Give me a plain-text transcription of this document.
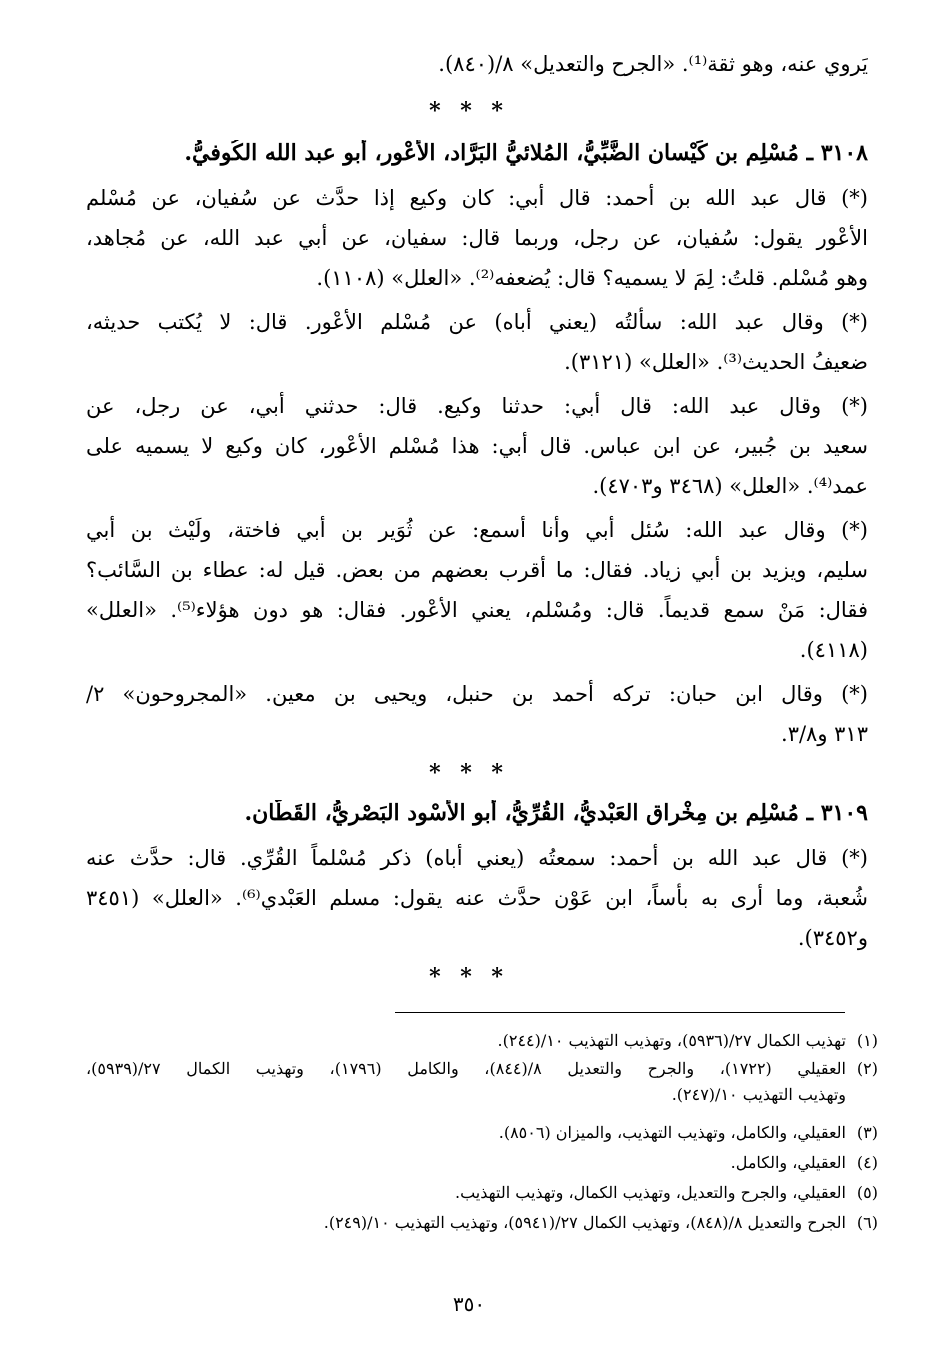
يَروي عنه، وهو ثقة⁽¹⁾. «الجرح والتعديل» ٨/(٨٤٠).
* * *
٣١٠٨ ـ مُسْلِم بن كَيْسان الضَّبِّيُّ، المُلائيُّ البَرَّاد، الأعْور، أبو عبد الله الكُوفيُّ.
(*) قال عبد الله بن أحمد: قال أبي: كان وكيع إذا حدَّث عن سُفيان، عن مُسْلم
الأعْور يقول: سُفيان، عن رجل، وربما قال: سفيان، عن أبي عبد الله، عن مُجاهد،
وهو مُسْلم. قلتُ: لِمَ لا يسميه؟ قال: يُضعفه⁽²⁾. «العلل» (١١٠٨).
(*) وقال عبد الله: سألتُه (يعني أباه) عن مُسْلم الأعْور. قال: لا يُكتب حديثه،
ضعيفُ الحديث⁽³⁾. «العلل» (٣١٢١).
(*) وقال عبد الله: قال أبي: حدثنا وكيع. قال: حدثني أبي، عن رجل، عن
سعيد بن جُبير، عن ابن عباس. قال أبي: هذا مُسْلم الأعْور، كان وكيع لا يسميه على
عمد⁽⁴⁾. «العلل» (٣٤٦٨ و٤٧٠٣).
(*) وقال عبد الله: سُئل أبي وأنا أسمع: عن ثُوَير بن أبي فاختة، ولَيْث بن أبي
سليم، ويزيد بن أبي زياد. فقال: ما أقرب بعضهم من بعض. قيل له: عطاء بن السَّائب؟
فقال: مَنْ سمع قديماً. قال: ومُسْلم، يعني الأعْور. فقال: هو دون هؤلاء⁽⁵⁾. «العلل»
(٤١١٨).
(*) وقال ابن حبان: تركه أحمد بن حنبل، ويحيى بن معين. «المجروحون» ٢/
٣١٣ و٣/٨.
* * *
٣١٠٩ ـ مُسْلِم بن مِخْراق العَبْديُّ، القُرِّيُّ، أبو الأسْود البَصْريُّ، القَطَّان.
(*) قال عبد الله بن أحمد: سمعتُه (يعني أباه) ذكر مُسْلماً القُرِّي. قال: حدَّث عنه
شُعبة، وما أرى به بأساً، ابن عَوْن حدَّث عنه يقول: مسلم العَبْدي⁽⁶⁾. «العلل» (٣٤٥١
و٣٤٥٢).
* * *
(١)
تهذيب الكمال ٢٧/(٥٩٣٦)، وتهذيب التهذيب ١٠/(٢٤٤).
(٢)
العقيلي (١٧٢٢)، والجرح والتعديل ٨/(٨٤٤)، والكامل (١٧٩٦)، وتهذيب الكمال ٢٧/(٥٩٣٩)،
وتهذيب التهذيب ١٠/(٢٤٧).
(٣)
العقيلي، والكامل، وتهذيب التهذيب، والميزان (٨٥٠٦).
(٤)
العقيلي، والكامل.
(٥)
العقيلي، والجرح والتعديل، وتهذيب الكمال، وتهذيب التهذيب.
(٦)
الجرح والتعديل ٨/(٨٤٨)، وتهذيب الكمال ٢٧/(٥٩٤١)، وتهذيب التهذيب ١٠/(٢٤٩).
٣٥٠
